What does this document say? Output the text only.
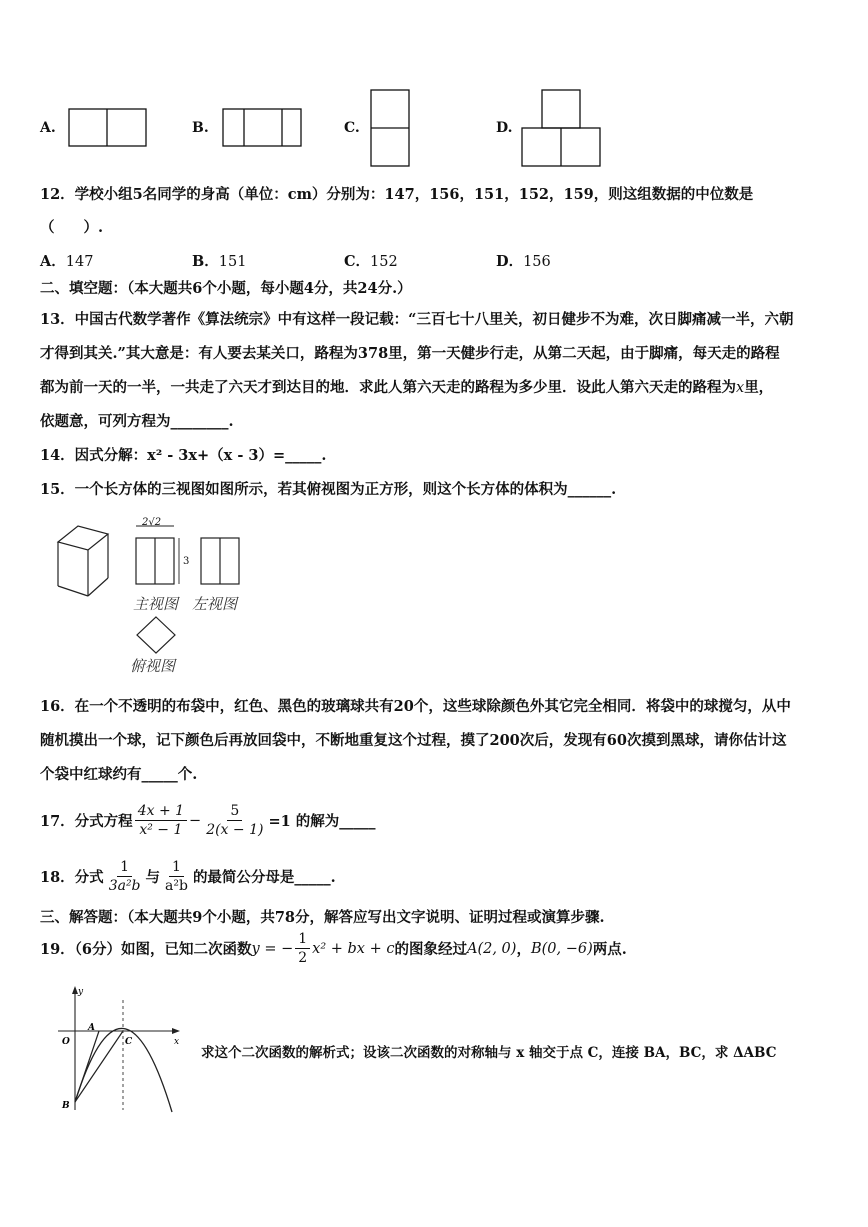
A.	B.	C.	D.
12．学校小组5名同学的身高（单位：cm）分别为：147，156，151，152，159，则这组数据的中位数是
（　　）.
A．147	B．151	C．152	D．156
二、填空题：（本大题共6个小题，每小题4分，共24分.）
13．中国古代数学著作《算法统宗》中有这样一段记载：“三百七十八里关，初日健步不为难，次日脚痛减一半，六朝
才得到其关.”其大意是：有人要去某关口，路程为378里，第一天健步行走，从第二天起，由于脚痛，每天走的路程
都为前一天的一半，一共走了六天才到达目的地．求此人第六天走的路程为多少里．设此人第六天走的路程为x里，
依题意，可列方程为________.
14．因式分解：x² - 3x+（x - 3）=_____.
15．一个长方体的三视图如图所示，若其俯视图为正方形，则这个长方体的体积为______.
2√2
3
主视图 左视图
俯视图
16．在一个不透明的布袋中，红色、黑色的玻璃球共有20个，这些球除颜色外其它完全相同．将袋中的球搅匀，从中
随机摸出一个球，记下颜色后再放回袋中，不断地重复这个过程，摸了200次后，发现有60次摸到黑球，请你估计这
个袋中红球约有_____个.
17．分式方程 $\frac{4x + 1}{\text{x² − 1}} - \frac{5}{2(x - 1)} =1$ 的解为_____
18．分式 $\frac{1}{\text{3a²b}}$ 与 $\frac{1}{\text{a²b}}$ 的最简公分母是_____.
三、解答题：（本大题共9个小题，共78分，解答应写出文字说明、证明过程或演算步骤.
19．（6分）如图，已知二次函数 y = − $\frac{1}{2} x^2$ + bx + c 的图象经过 A(2, 0) ， B(0, −6) 两点.
y
x
O
A
C
B
求这个二次函数的解析式；设该二次函数的对称轴与 x 轴交于点 C，连接 BA，BC，求 ΔABC
